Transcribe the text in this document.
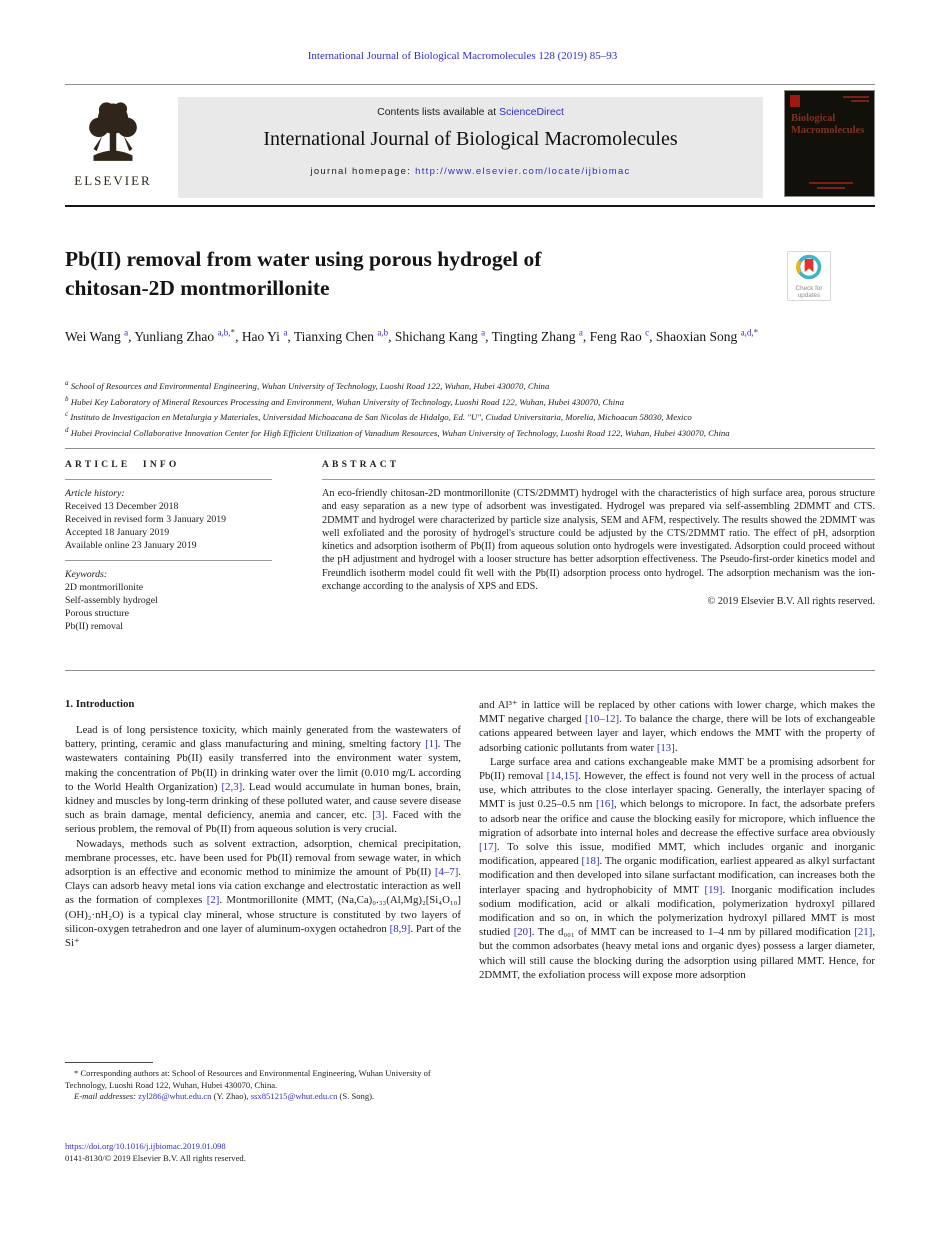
International Journal of Biological Macromolecules 128 (2019) 85–93
ELSEVIER
Contents lists available at ScienceDirect
International Journal of Biological Macromolecules
journal homepage: http://www.elsevier.com/locate/ijbiomac
Biological
Macromolecules
Pb(II) removal from water using porous hydrogel of
chitosan-2D montmorillonite	Check for
updates
Wei Wang $^a$ , Yunliang Zhao $^{a,b,*}$ , Hao Yi $^a$ , Tianxing Chen $^{a,b}$ , Shichang Kang $^a$ , Tingting Zhang $^a$ , Feng Rao $^c$ , Shaoxian Song $^{a,d,*}$
$^a$ School of Resources and Environmental Engineering, Wuhan University of Technology, Luoshi Road 122, Wuhan, Hubei 430070, China
$^b$ Hubei Key Laboratory of Mineral Resources Processing and Environment, Wuhan University of Technology, Luoshi Road 122, Wuhan, Hubei 430070, China
$^c$ Instituto de Investigacion en Metalurgia y Materiales, Universidad Michoacana de San Nicolas de Hidalgo, Ed. "U", Ciudad Universitaria, Morelia, Michoacan 58030, Mexico
$^d$ Hubei Provincial Collaborative Innovation Center for High Efficient Utilization of Vanadium Resources, Wuhan University of Technology, Luoshi Road 122, Wuhan, Hubei 430070, China
ARTICLE INFO
Article history:
Received 13 December 2018
Received in revised form 3 January 2019
Accepted 18 January 2019
Available online 23 January 2019
Keywords:
2D montmorillonite
Self-assembly hydrogel
Porous structure
Pb(II) removal
ABSTRACT

An eco-friendly chitosan-2D montmorillonite (CTS/2DMMT) hydrogel with the characteristics of high surface area, porous structure and easy separation as a new type of adsorbent was investigated. Hydrogel was prepared via self-assembling 2DMMT and CTS. 2DMMT and hydrogel were characterized by particle size analysis, SEM and AFM, respectively. The results showed the 2DMMT was well exfoliated and the porosity of hydrogel's structure could be adjusted by the CTS/2DMMT ratio. The effect of pH, adsorption kinetics and adsorption isotherm of Pb(II) from aqueous solution onto hydrogels were investigated. Adsorption could proceed without the pH adjustment and hydrogel with a looser structure has better adsorption effectiveness. The Pseudo-first-order kinetics model and Freundlich isotherm model could fit well with the Pb(II) adsorption process onto hydrogel. The adsorption mechanism was the ion-exchange according to the analysis of XPS and EDS.

© 2019 Elsevier B.V. All rights reserved.
1. Introduction

Lead is of long persistence toxicity, which mainly generated from the wastewaters of battery, printing, ceramic and glass manufacturing and mining, smelting factory [1]. The wastewaters containing Pb(II) easily transferred into the environment water system, making the concentration of Pb(II) in drinking water over the limit (0.010 mg/L according to the World Health Organization) [2,3]. Lead would accumulate in human bones, brain, kidney and muscles by long-term drinking of these polluted water, and cause severe disease such as brain damage, mental deficiency, anemia and cancer, etc. [3]. Faced with the serious problem, the removal of Pb(II) from aqueous solution is very crucial.

Nowadays, methods such as solvent extraction, adsorption, chemical precipitation, membrane processes, etc. have been used for Pb(II) removal from sewage water, in which adsorption is an effective and economic method to minimize the amount of Pb(II) [4–7]. Clays can adsorb heavy metal ions via cation exchange and electrostatic interaction as well as the formation of complexes [2]. Montmorillonite (MMT, (Na,Ca)₀.₃₃(Al,Mg)₂[Si₄O₁₀](OH)₂·nH₂O) is a typical clay mineral, whose structure is constituted by two layers of silicon-oxygen tetrahedron and one layer of aluminum-oxygen octahedron [8,9]. Part of the Si⁺

and Al³⁺ in lattice will be replaced by other cations with lower charge, which makes the MMT negative charged [10–12]. To balance the charge, there will be lots of exchangeable cations appeared between layer and layer, which endows the MMT with the property of adsorbing cationic pollutants from water [13].

Large surface area and cations exchangeable make MMT be a promising adsorbent for Pb(II) removal [14,15]. However, the effect is found not very well in the process of actual use, which attributes to the close interlayer spacing. Generally, the interlayer spacing of MMT is just 0.25–0.5 nm [16], which belongs to micropore. In fact, the adsorbate prefers to adsorb near the orifice and cause the blocking easily for micropore, which influence the migration of adsorbate into internal holes and decrease the effective surface area obviously [17]. To solve this issue, modified MMT, which includes organic and inorganic modification, appeared [18]. The organic modification, earliest appeared as alkyl surfactant modification and then developed into silane surfactant modification, can increases both the interlayer spacing and hydrophobicity of MMT [19]. Inorganic modification includes sodium modification, acid or alkali modification, polymerization hydroxyl pillared modification and so on, in which the polymerization hydroxyl pillared MMT is most studied [20]. The d₀₀₁ of MMT can be increased to 1–4 nm by pillared modification [21], but the common adsorbates (heavy metal ions and organic dyes) possess a larger diameter, which will still cause the blocking during the adsorption using pillared MMT. Hence, for 2DMMT, the exfoliation process will expose more adsorption

* Corresponding authors at: School of Resources and Environmental Engineering, Wuhan University of Technology, Luoshi Road 122, Wuhan, Hubei 430070, China.
E-mail addresses: zyl286@whut.edu.cn (Y. Zhao), ssx851215@whut.edu.cn (S. Song).
https://doi.org/10.1016/j.ijbiomac.2019.01.098
0141-8130/© 2019 Elsevier B.V. All rights reserved.
